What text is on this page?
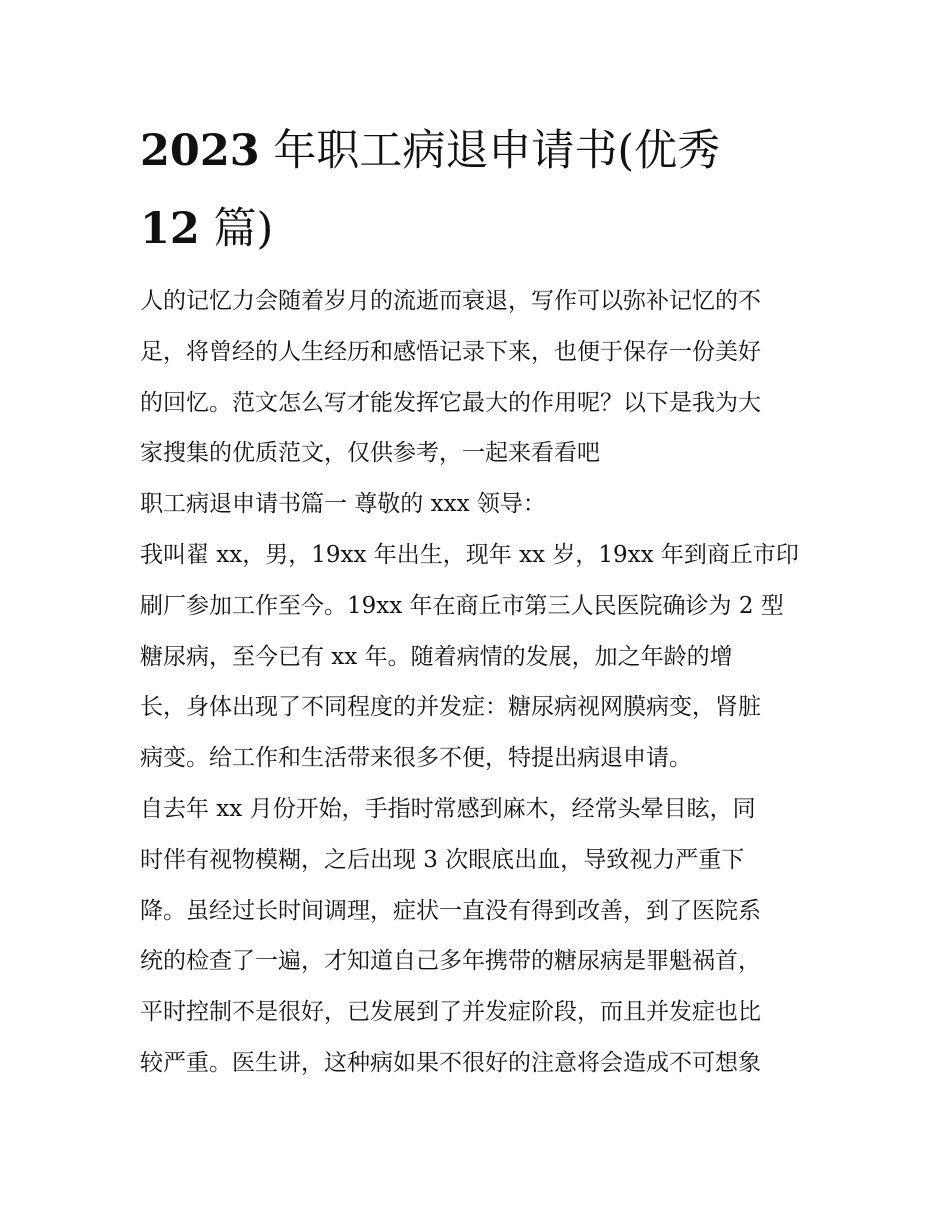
2023 年职工病退申请书(优秀
12 篇)
人的记忆力会随着岁月的流逝而衰退，写作可以弥补记忆的不
足，将曾经的人生经历和感悟记录下来，也便于保存一份美好
的回忆。范文怎么写才能发挥它最大的作用呢？以下是我为大
家搜集的优质范文，仅供参考，一起来看看吧
职工病退申请书篇一 尊敬的 xxx 领导：
我叫翟 xx，男，19xx 年出生，现年 xx 岁，19xx 年到商丘市印
刷厂参加工作至今。19xx 年在商丘市第三人民医院确诊为 2 型
糖尿病，至今已有 xx 年。随着病情的发展，加之年龄的增
长，身体出现了不同程度的并发症：糖尿病视网膜病变，肾脏
病变。给工作和生活带来很多不便，特提出病退申请。
自去年 xx 月份开始，手指时常感到麻木，经常头晕目眩，同
时伴有视物模糊，之后出现 3 次眼底出血，导致视力严重下
降。虽经过长时间调理，症状一直没有得到改善，到了医院系
统的检查了一遍，才知道自己多年携带的糖尿病是罪魁祸首，
平时控制不是很好，已发展到了并发症阶段，而且并发症也比
较严重。医生讲，这种病如果不很好的注意将会造成不可想象
